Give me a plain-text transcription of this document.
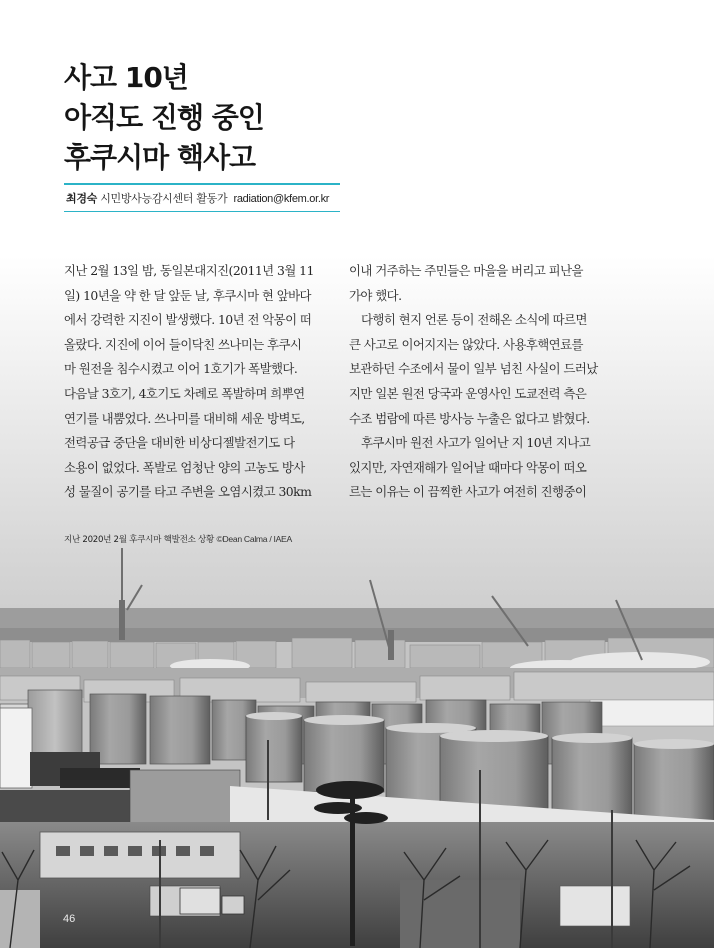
사고 10년
아직도 진행 중인
후쿠시마 핵사고
최경숙 시민방사능감시센터 활동가 radiation@kfem.or.kr
지난 2월 13일 밤, 동일본대지진(2011년 3월 11
일) 10년을 약 한 달 앞둔 날, 후쿠시마 현 앞바다
에서 강력한 지진이 발생했다. 10년 전 악몽이 떠
올랐다. 지진에 이어 들이닥친 쓰나미는 후쿠시
마 원전을 침수시켰고 이어 1호기가 폭발했다.
다음날 3호기, 4호기도 차례로 폭발하며 희뿌연
연기를 내뿜었다. 쓰나미를 대비해 세운 방벽도,
전력공급 중단을 대비한 비상디젤발전기도 다
소용이 없었다. 폭발로 엄청난 양의 고농도 방사
성 물질이 공기를 타고 주변을 오염시켰고 30km
이내 거주하는 주민들은 마을을 버리고 피난을
가야 했다.
다행히 현지 언론 등이 전해온 소식에 따르면
큰 사고로 이어지지는 않았다. 사용후핵연료를
보관하던 수조에서 물이 일부 넘친 사실이 드러났
지만 일본 원전 당국과 운영사인 도쿄전력 측은
수조 범람에 따른 방사능 누출은 없다고 밝혔다.
후쿠시마 원전 사고가 일어난 지 10년 지나고
있지만, 자연재해가 일어날 때마다 악몽이 떠오
르는 이유는 이 끔찍한 사고가 여전히 진행중이
지난 2020년 2월 후쿠시마 핵발전소 상황 ©Dean Calma / IAEA
46
